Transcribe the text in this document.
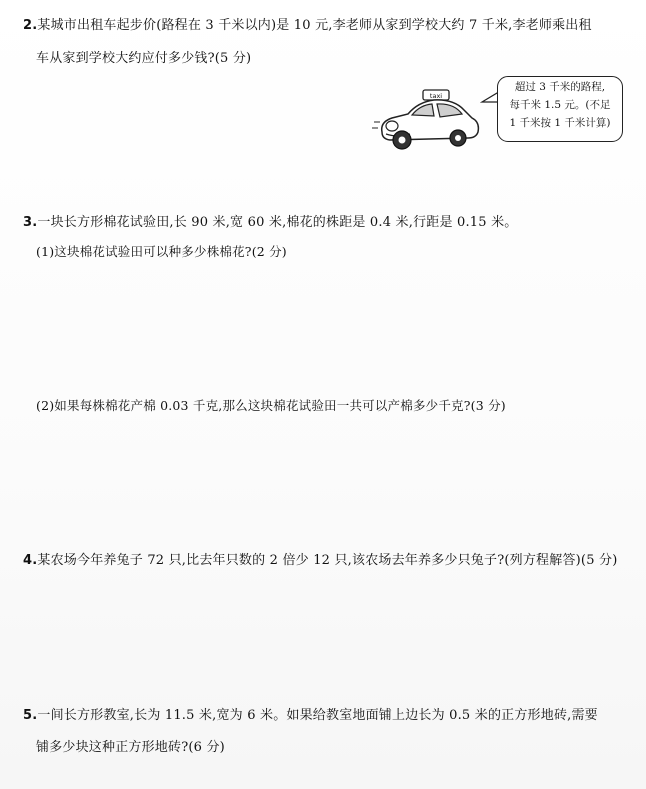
2.某城市出租车起步价(路程在 3 千米以内)是 10 元,李老师从家到学校大约 7 千米,李老师乘出租
车从家到学校大约应付多少钱?(5 分)
taxi
超过 3 千米的路程,
每千米 1.5 元。(不足
1 千米按 1 千米计算)
3.一块长方形棉花试验田,长 90 米,宽 60 米,棉花的株距是 0.4 米,行距是 0.15 米。
(1)这块棉花试验田可以种多少株棉花?(2 分)
(2)如果每株棉花产棉 0.03 千克,那么这块棉花试验田一共可以产棉多少千克?(3 分)
4.某农场今年养兔子 72 只,比去年只数的 2 倍少 12 只,该农场去年养多少只兔子?(列方程解答)(5 分)
5.一间长方形教室,长为 11.5 米,宽为 6 米。如果给教室地面铺上边长为 0.5 米的正方形地砖,需要
铺多少块这种正方形地砖?(6 分)
